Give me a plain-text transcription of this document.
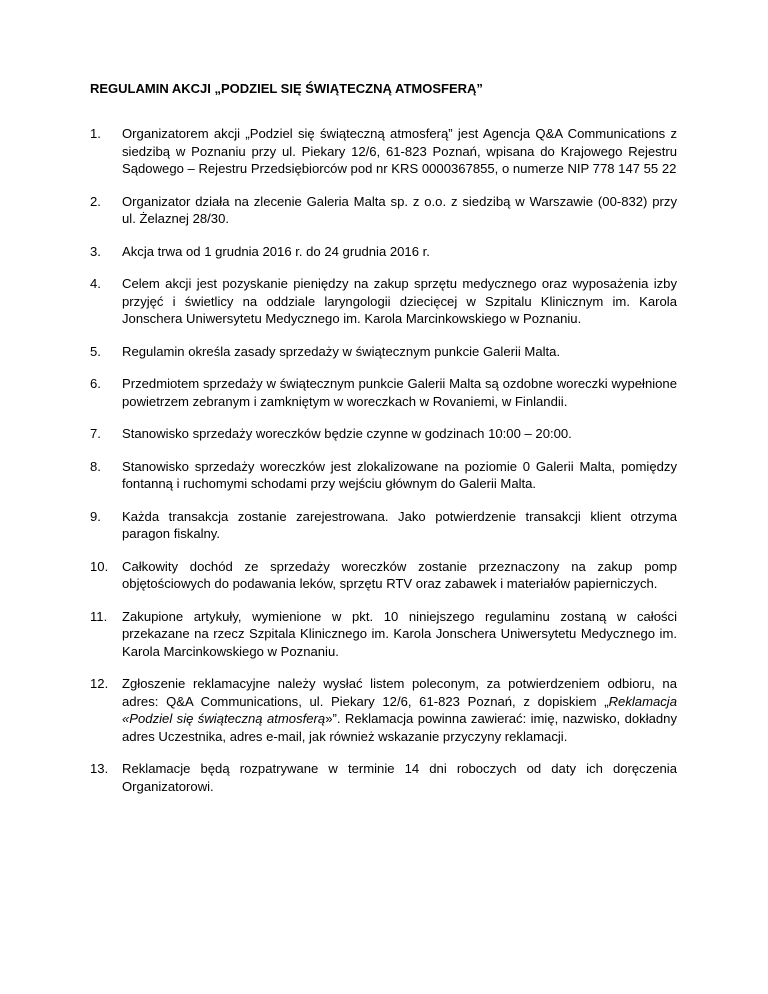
REGULAMIN AKCJI „PODZIEL SIĘ ŚWIĄTECZNĄ ATMOSFERĄ”
1.	Organizatorem akcji „Podziel się świąteczną atmosferą” jest Agencja Q&A Communications z siedzibą w Poznaniu przy ul. Piekary 12/6, 61-823 Poznań, wpisana do Krajowego Rejestru Sądowego – Rejestru Przedsiębiorców pod nr KRS 0000367855, o numerze NIP 778 147 55 22
2.	Organizator działa na zlecenie Galeria Malta sp. z o.o. z siedzibą w Warszawie (00-832) przy ul. Żelaznej 28/30.
3.	Akcja trwa od 1 grudnia 2016 r. do 24 grudnia 2016 r.
4.	Celem akcji jest pozyskanie pieniędzy na zakup sprzętu medycznego oraz wyposażenia izby przyjęć i świetlicy na oddziale laryngologii dziecięcej w Szpitalu Klinicznym im. Karola Jonschera Uniwersytetu Medycznego im. Karola Marcinkowskiego w Poznaniu.
5.	Regulamin określa zasady sprzedaży w świątecznym punkcie Galerii Malta.
6.	Przedmiotem sprzedaży w świątecznym punkcie Galerii Malta są ozdobne woreczki wypełnione powietrzem zebranym i zamkniętym w woreczkach w Rovaniemi, w Finlandii.
7.	Stanowisko sprzedaży woreczków będzie czynne w godzinach 10:00 – 20:00.
8.	Stanowisko sprzedaży woreczków jest zlokalizowane na poziomie 0 Galerii Malta, pomiędzy fontanną i ruchomymi schodami przy wejściu głównym do Galerii Malta.
9.	Każda transakcja zostanie zarejestrowana. Jako potwierdzenie transakcji klient otrzyma paragon fiskalny.
10.	Całkowity dochód ze sprzedaży woreczków zostanie przeznaczony na zakup pomp objętościowych do podawania leków, sprzętu RTV oraz zabawek i materiałów papierniczych.
11.	Zakupione artykuły, wymienione w pkt. 10 niniejszego regulaminu zostaną w całości przekazane na rzecz Szpitala Klinicznego im. Karola Jonschera Uniwersytetu Medycznego im. Karola Marcinkowskiego w Poznaniu.
12.	Zgłoszenie reklamacyjne należy wysłać listem poleconym, za potwierdzeniem odbioru, na adres: Q&A Communications, ul. Piekary 12/6, 61-823 Poznań, z dopiskiem „Reklamacja «Podziel się świąteczną atmosferą»”. Reklamacja powinna zawierać: imię, nazwisko, dokładny adres Uczestnika, adres e-mail, jak również wskazanie przyczyny reklamacji.
13.	Reklamacje będą rozpatrywane w terminie 14 dni roboczych od daty ich doręczenia Organizatorowi.
